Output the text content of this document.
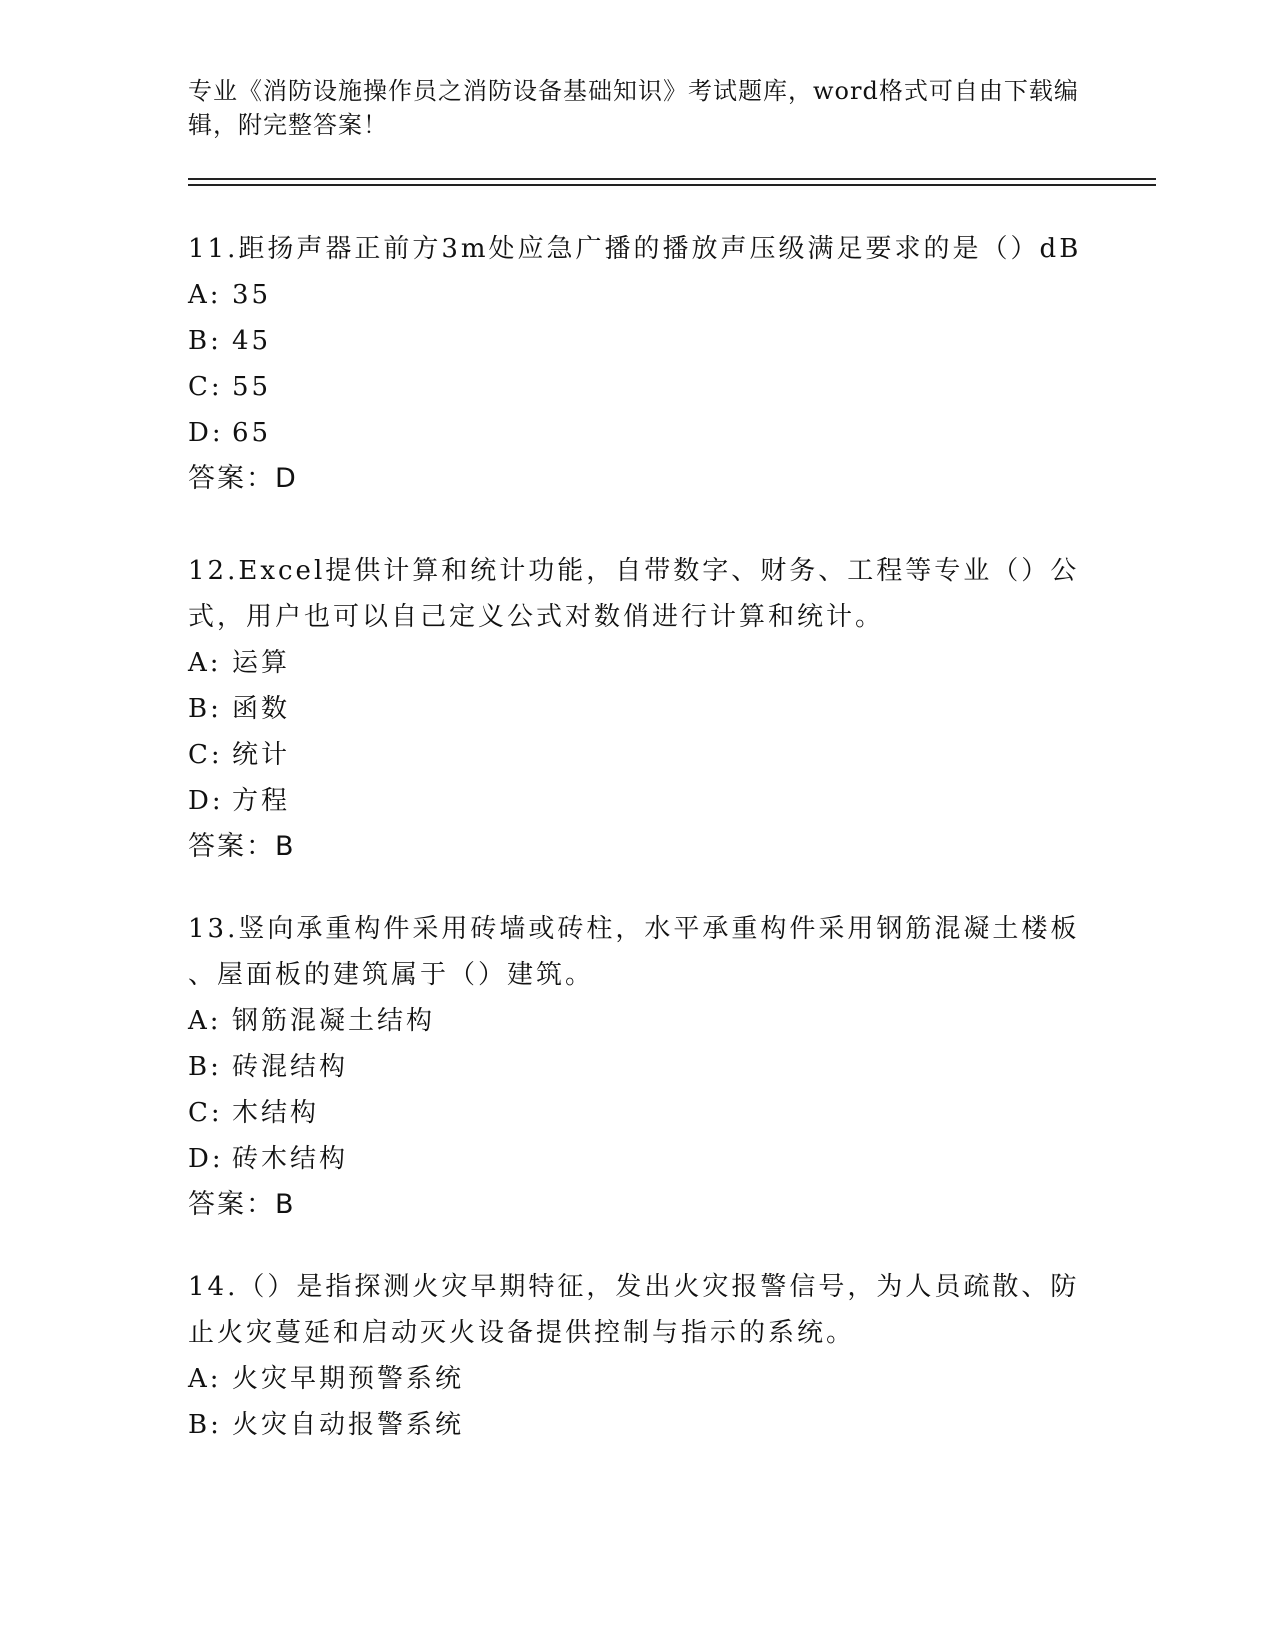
专业《消防设施操作员之消防设备基础知识》考试题库，word格式可自由下载编
辑，附完整答案！

11.距扬声器正前方3m处应急广播的播放声压级满足要求的是（）dB

A: 35

B: 45

C: 55

D: 65

答案：D

12.Excel提供计算和统计功能，自带数字、财务、工程等专业（）公

式，用户也可以自己定义公式对数俏进行计算和统计。

A: 运算

B: 函数

C: 统计

D: 方程

答案：B

13.竖向承重构件采用砖墙或砖柱，水平承重构件采用钢筋混凝土楼板

、屋面板的建筑属于（）建筑。

A: 钢筋混凝土结构

B: 砖混结构

C: 木结构

D: 砖木结构

答案：B

14.（）是指探测火灾早期特征，发出火灾报警信号，为人员疏散、防

止火灾蔓延和启动灭火设备提供控制与指示的系统。

A: 火灾早期预警系统

B: 火灾自动报警系统
